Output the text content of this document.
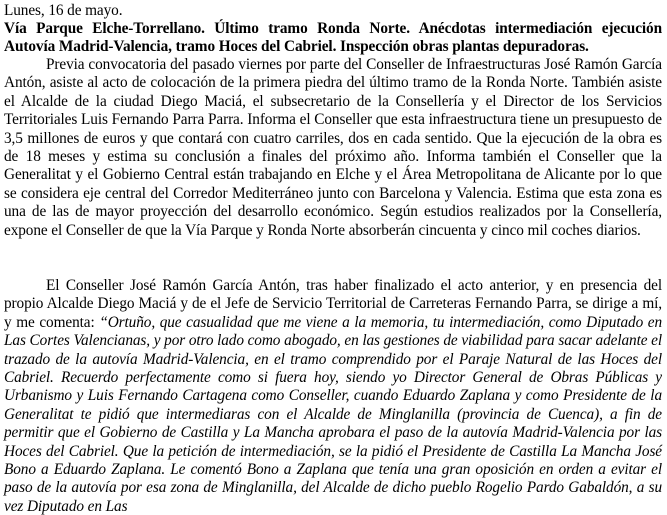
Lunes, 16 de mayo.
Vía Parque Elche-Torrellano. Último tramo Ronda Norte. Anécdotas intermediación ejecución Autovía Madrid-Valencia, tramo Hoces del Cabriel. Inspección obras plantas depuradoras.
Previa convocatoria del pasado viernes por parte del Conseller de Infraestructuras José Ramón García Antón, asiste al acto de colocación de la primera piedra del último tramo de la Ronda Norte. También asiste el Alcalde de la ciudad Diego Maciá, el subsecretario de la Consellería y el Director de los Servicios Territoriales Luis Fernando Parra Parra. Informa el Conseller que esta infraestructura tiene un presupuesto de 3,5 millones de euros y que contará con cuatro carriles, dos en cada sentido. Que la ejecución de la obra es de 18 meses y estima su conclusión a finales del próximo año. Informa también el Conseller que la Generalitat y el Gobierno Central están trabajando en Elche y el Área Metropolitana de Alicante por lo que se considera eje central del Corredor Mediterráneo junto con Barcelona y Valencia. Estima que esta zona es una de las de mayor proyección del desarrollo económico. Según estudios realizados por la Consellería, expone el Conseller de que la Vía Parque y Ronda Norte absorberán cincuenta y cinco mil coches diarios.
El Conseller José Ramón García Antón, tras haber finalizado el acto anterior, y en presencia del propio Alcalde Diego Maciá y de el Jefe de Servicio Territorial de Carreteras Fernando Parra, se dirige a mí, y me comenta: “Ortuño, que casualidad que me viene a la memoria, tu intermediación, como Diputado en Las Cortes Valencianas, y por otro lado como abogado, en las gestiones de viabilidad para sacar adelante el trazado de la autovía Madrid-Valencia, en el tramo comprendido por el Paraje Natural de las Hoces del Cabriel. Recuerdo perfectamente como si fuera hoy, siendo yo Director General de Obras Públicas y Urbanismo y Luis Fernando Cartagena como Conseller, cuando Eduardo Zaplana y como Presidente de la Generalitat te pidió que intermediaras con el Alcalde de Minglanilla (provincia de Cuenca), a fin de permitir que el Gobierno de Castilla y La Mancha aprobara el paso de la autovía Madrid-Valencia por las Hoces del Cabriel. Que la petición de intermediación, se la pidió el Presidente de Castilla La Mancha José Bono a Eduardo Zaplana. Le comentó Bono a Zaplana que tenía una gran oposición en orden a evitar el paso de la autovía por esa zona de Minglanilla, del Alcalde de dicho pueblo Rogelio Pardo Gabaldón, a su vez Diputado en Las
